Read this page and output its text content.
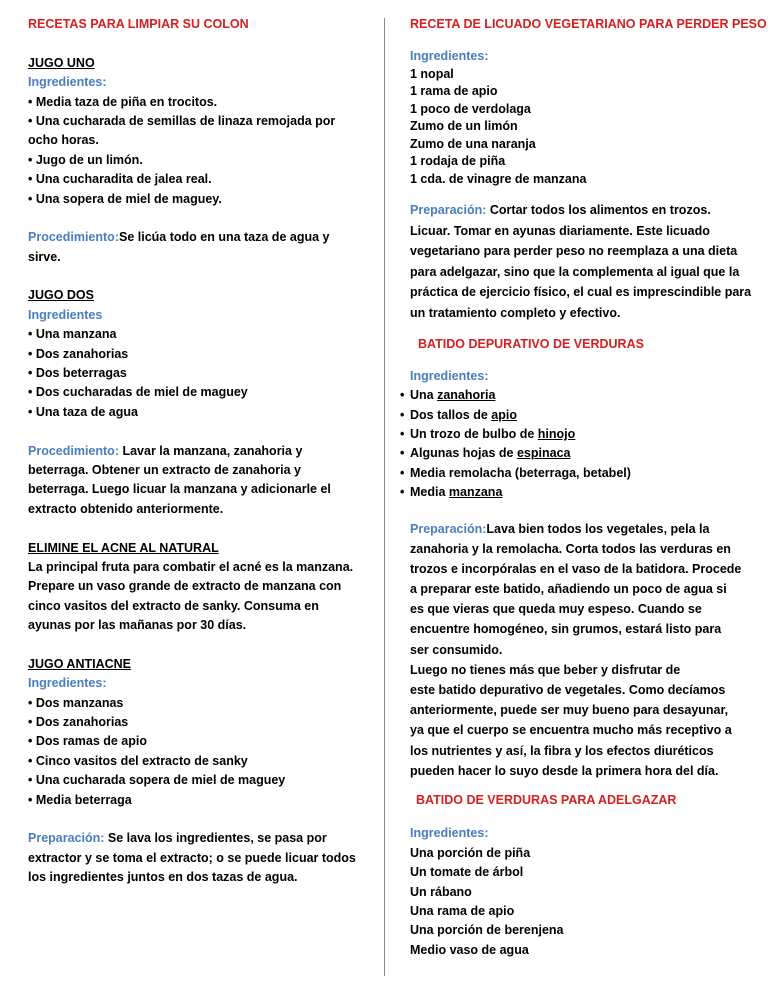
RECETAS PARA LIMPIAR SU COLON
JUGO UNO
Ingredientes:
• Media taza de piña en trocitos.
• Una cucharada de semillas de linaza remojada por
ocho horas.
• Jugo de un limón.
• Una cucharadita de jalea real.
• Una sopera de miel de maguey.
Procedimiento:Se licúa todo en una taza de agua y
sirve.
JUGO DOS
Ingredientes
• Una manzana
• Dos zanahorias
• Dos beterragas
• Dos cucharadas de miel de maguey
• Una taza de agua
Procedimiento: Lavar la manzana, zanahoria y
beterraga. Obtener un extracto de zanahoria y
beterraga. Luego licuar la manzana y adicionarle el
extracto obtenido anteriormente.
ELIMINE EL ACNE AL NATURAL
La principal fruta para combatir el acné es la manzana.
Prepare un vaso grande de extracto de manzana con
cinco vasitos del extracto de sanky. Consuma en
ayunas por las mañanas por 30 días.
JUGO ANTIACNE
Ingredientes:
• Dos manzanas
• Dos zanahorias
• Dos ramas de apio
• Cinco vasitos del extracto de sanky
• Una cucharada sopera de miel de maguey
• Media beterraga
Preparación: Se lava los ingredientes, se pasa por
extractor y se toma el extracto; o se puede licuar todos
los ingredientes juntos en dos tazas de agua.
RECETA DE LICUADO VEGETARIANO PARA PERDER PESO
Ingredientes:
1 nopal
1 rama de apio
1 poco de verdolaga
Zumo de un limón
Zumo de una naranja
1 rodaja de piña
1 cda. de vinagre de manzana
Preparación: Cortar todos los alimentos en trozos.
Licuar. Tomar en ayunas diariamente. Este licuado
vegetariano para perder peso no reemplaza a una dieta
para adelgazar, sino que la complementa al igual que la
práctica de ejercicio físico, el cual es imprescindible para
un tratamiento completo y efectivo.
BATIDO DEPURATIVO DE VERDURAS
Ingredientes:
• Una zanahoria
• Dos tallos de apio
• Un trozo de bulbo de hinojo
• Algunas hojas de espinaca
• Media remolacha (beterraga, betabel)
• Media manzana
Preparación:Lava bien todos los vegetales, pela la
zanahoria y la remolacha. Corta todos las verduras en
trozos e incorpóralas en el vaso de la batidora. Procede
a preparar este batido, añadiendo un poco de agua si
es que vieras que queda muy espeso. Cuando se
encuentre homogéneo, sin grumos, estará listo para
ser consumido.
Luego no tienes más que beber y disfrutar de
este batido depurativo de vegetales. Como decíamos
anteriormente, puede ser muy bueno para desayunar,
ya que el cuerpo se encuentra mucho más receptivo a
los nutrientes y así, la fibra y los efectos diuréticos
pueden hacer lo suyo desde la primera hora del día.
BATIDO DE VERDURAS PARA ADELGAZAR
Ingredientes:
Una porción de piña
Un tomate de árbol
Un rábano
Una rama de apio
Una porción de berenjena
Medio vaso de agua
